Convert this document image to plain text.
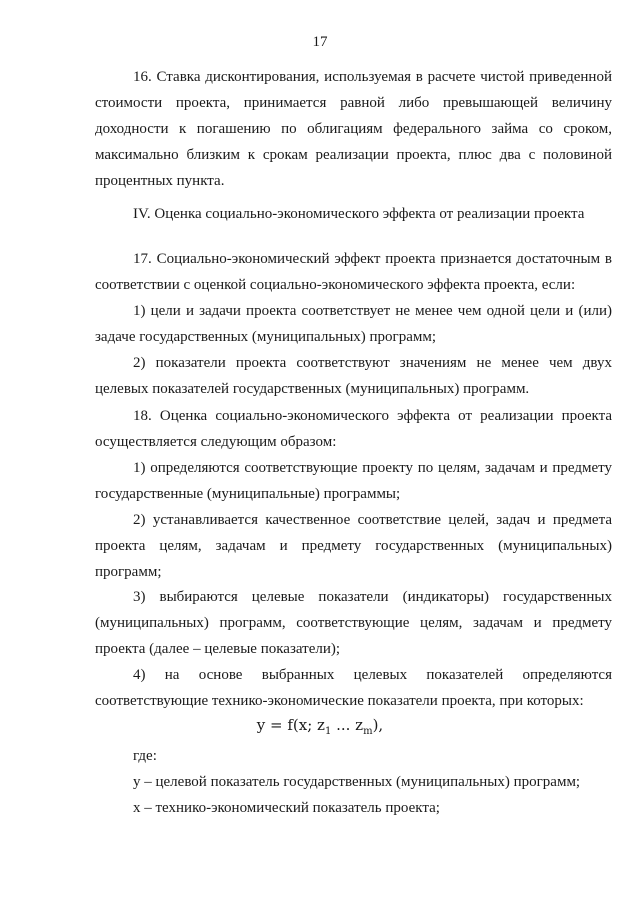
17

16. Ставка дисконтирования, используемая в расчете чистой приведенной стоимости проекта, принимается равной либо превышающей величину доходности к погашению по облигациям федерального займа со сроком, максимально близким к срокам реализации проекта, плюс два с половиной процентных пункта.

IV. Оценка социально-экономического эффекта от реализации проекта

17. Социально-экономический эффект проекта признается достаточным в соответствии с оценкой социально-экономического эффекта проекта, если:

1) цели и задачи проекта соответствует не менее чем одной цели и (или) задаче государственных (муниципальных) программ;

2) показатели проекта соответствуют значениям не менее чем двух целевых показателей государственных (муниципальных) программ.

18. Оценка социально-экономического эффекта от реализации проекта осуществляется следующим образом:

1) определяются соответствующие проекту по целям, задачам и предмету государственные (муниципальные) программы;

2) устанавливается качественное соответствие целей, задач и предмета проекта целям, задачам и предмету государственных (муниципальных) программ;

3) выбираются целевые показатели (индикаторы) государственных (муниципальных) программ, соответствующие целям, задачам и предмету проекта (далее – целевые показатели);

4) на основе выбранных целевых показателей определяются соответствующие технико-экономические показатели проекта, при которых:

y = f(x; $z_1$ ... $z_m$),

где:

y – целевой показатель государственных (муниципальных) программ;

x – технико-экономический показатель проекта;
